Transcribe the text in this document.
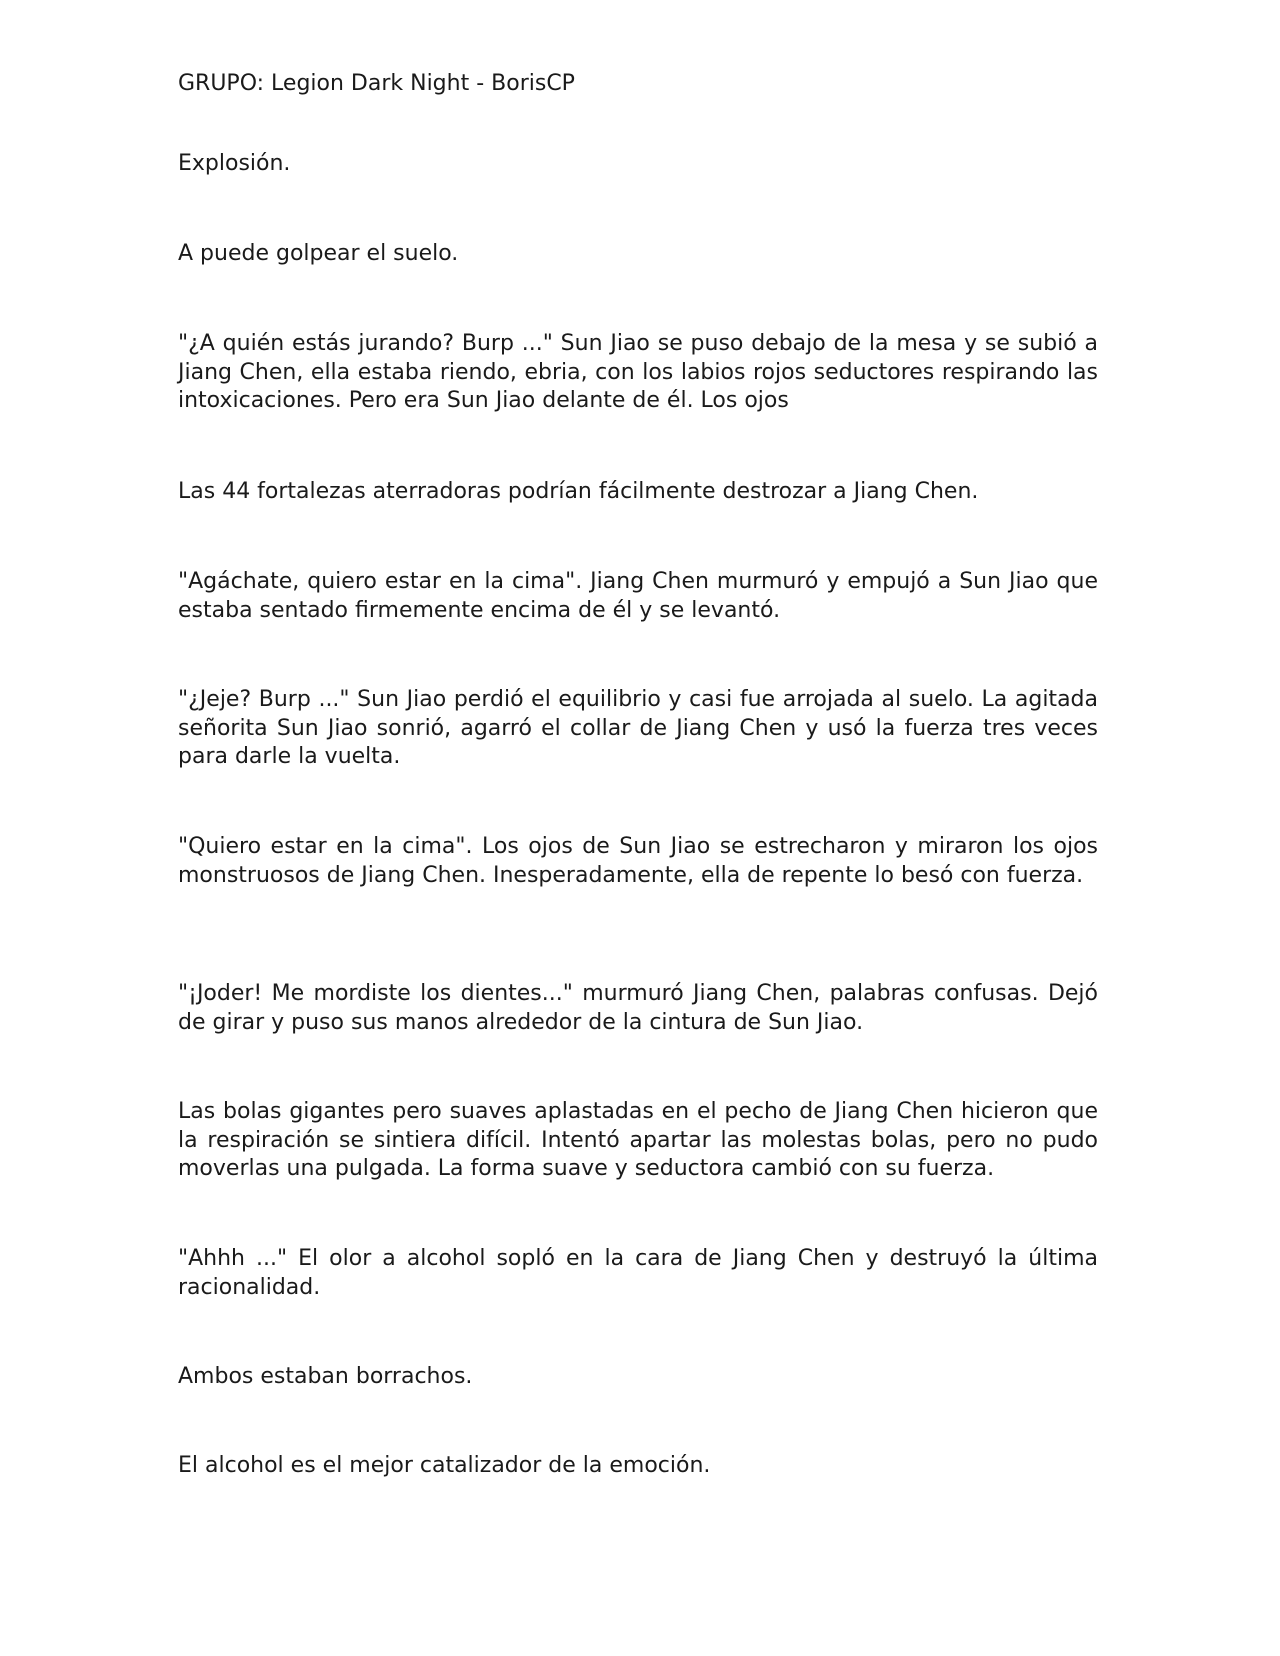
GRUPO: Legion Dark Night - BorisCP

Explosión.

A puede golpear el suelo.

"¿A quién estás jurando? Burp ..." Sun Jiao se puso debajo de la mesa y se subió a Jiang Chen, ella estaba riendo, ebria, con los labios rojos seductores respirando las intoxicaciones. Pero era Sun Jiao delante de él. Los ojos

Las 44 fortalezas aterradoras podrían fácilmente destrozar a Jiang Chen.

"Agáchate, quiero estar en la cima". Jiang Chen murmuró y empujó a Sun Jiao que estaba sentado firmemente encima de él y se levantó.

"¿Jeje? Burp ..." Sun Jiao perdió el equilibrio y casi fue arrojada al suelo. La agitada señorita Sun Jiao sonrió, agarró el collar de Jiang Chen y usó la fuerza tres veces para darle la vuelta.

"Quiero estar en la cima". Los ojos de Sun Jiao se estrecharon y miraron los ojos monstruosos de Jiang Chen. Inesperadamente, ella de repente lo besó con fuerza.

"¡Joder! Me mordiste los dientes..." murmuró Jiang Chen, palabras confusas. Dejó de girar y puso sus manos alrededor de la cintura de Sun Jiao.

Las bolas gigantes pero suaves aplastadas en el pecho de Jiang Chen hicieron que la respiración se sintiera difícil. Intentó apartar las molestas bolas, pero no pudo moverlas una pulgada. La forma suave y seductora cambió con su fuerza.

"Ahhh ..." El olor a alcohol sopló en la cara de Jiang Chen y destruyó la última racionalidad.

Ambos estaban borrachos.

El alcohol es el mejor catalizador de la emoción.
